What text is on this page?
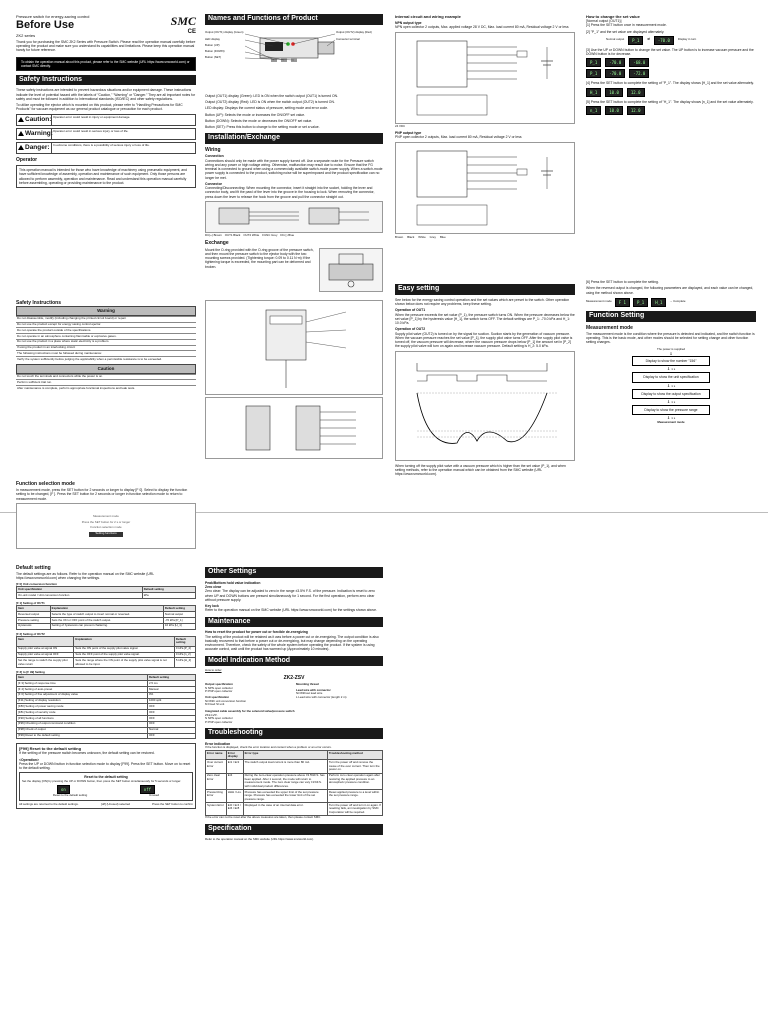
Pressure switch for energy-saving control
Before Use
ZK2 series
SMC
CE
Thank you for purchasing the SMC ZK2 Series with Pressure Switch. Please read the operation manual carefully before operating the product and make sure you understand its capabilities and limitations. Please keep this operation manual handy for future reference.
To obtain the operation manual about this product, please refer to the SMC website (URL https://www.smcworld.com) or contact SMC directly.
Safety Instructions
These safety instructions are intended to prevent hazardous situations and/or equipment damage. These instructions indicate the level of potential hazard with the labels of "Caution," "Warning" or "Danger." They are all important notes for safety and must be followed in addition to International standards (ISO/IEC) and other safety regulations.
To utilize operating the ejector which is mounted on this product, please refer to "Handling Precautions for SMC Products" for vacuum equipment as our general product catalogue or precaution for each product.
Caution: Operator error could result in injury or equipment damage.
Warning: Operator error could result in serious injury or loss of life.
Danger:	In extreme conditions, there is a possibility of serious injury or loss of life.
Operator
This operation manual is intended for those who have knowledge of machinery using pneumatic equipment, and have sufficient knowledge of assembly, operation and maintenance of such equipment. Only those persons are allowed to perform assembly, operation and maintenance. Read and understand this operation manual carefully before assembling, operating or providing maintenance to the product.
Names and Functions of Product
Output (OUT1) display (Green)	Output (OUT2) display (Red)
Connector terminal
LED display
Button (UP)
Button (DOWN)
Button (SET)
Output (OUT1) display (Green): LED is ON when the switch output (OUT1) is turned ON.
Output (OUT2) display (Red): LED is ON when the switch output (OUT2) is turned ON.
LED display: Displays the current status of pressure, setting mode and error code.
Button (UP): Selects the mode or increases the ON/OFF set value.
Button (DOWN): Selects the mode or decreases the ON/OFF set value.
Button (SET): Press this button to change to the setting mode or set a value.
Installation/Exchange
Wiring
Connection
Connections should only be made with the power supply turned off. Use a separate route for the Pressure switch wiring and any power or high voltage wiring. Otherwise, malfunction may result due to noise. Ensure that the FG terminal is connected to ground when using a commercially available switch-mode power supply. When a switch-mode power supply is connected to the product, switching noise will be superimposed and the product specification can no longer be met.
Connector
Connecting/Disconnecting: When mounting the connector, insert it straight into the socket, holding the lever and connector body, and fit the pawl of the lever into the groove in the housing to lock. When removing the connector, press down the lever to release the hook from the groove and pull the connector straight out.
DC(+) Brown OUT1 Black OUT2 White FUNC Grey DC(-) Blue
Exchange
Mount the O-ring provided with the O-ring groove of the pressure switch, and then mount the pressure switch to the ejector body with the two mounting screws provided. (Tightening torque: 0.09 to 0.11 N·m) If the tightening torque is exceeded, the mounting part can be deformed and broken.
Internal circuit and wiring example
NPN output type
NPN open collector 2 outputs, Max. applied voltage 28 V DC, Max. load current 80 mA, Residual voltage 2 V or less
24 VDC
PNP output type
PNP open collector 2 outputs, Max. load current 80 mA, Residual voltage 2 V or less
Brown Black White Grey Blue
How to change the set value
[Normal output (OUT1)]
[1] Press the SET button once in measurement mode.
[2] "P_1" and the set value are displayed alternately.
Normal output	P_1	⇄	-70.0	Display in turn
[3] Use the UP or DOWN button to change the set value. The UP button is to increase vacuum pressure and the DOWN button is for decrease.
P_1	-70.0	-68.0
P_1	-70.0	-72.0
[4] Press the SET button to complete the setting of "P_1". The display shows [H_1] and the set value alternately.
H_1	10.0	12.0
[5] Press the SET button to complete the setting of "H_1". The display shows [n_1] and the set value alternately.
n_1	10.0	12.0
Safety Instructions
Warning
Do not disassemble, modify (including changing the printed circuit board) or repair.
Do not use the product except for energy saving control ejector.
Do not operate the product outside of the specifications.
Do not operate in an atmosphere containing flammable or explosive gases.
Do not use the product in a place where static electricity is a problem.
If using the product in an interlocking circuit:
The following instructions must be followed during maintenance:
Verify the system sufficiently before judging the applicability when a permissible resistance is to be exceeded.
Caution
Do not touch the terminals and connectors while the power is on.
Perform sufficient trial run.
After maintenance is complete, perform appropriate functional inspections and leak tests.
Function selection mode
In measurement mode, press the SET button for 2 seconds or longer to display [F 0]. Select to display the function setting to be changed, [F ]. Press the SET button for 2 seconds or longer in function selection mode to return to measurement mode.
Measurement mode
Press the SET button for 2 s or longer
Function selection mode
Setting functions
Default setting
The default settings are as follows. Refer to the operation manual on the SMC website (URL https://www.smcworld.com) when changing the settings.
[F 0] Unit conversion function
Unit specification	Default setting
On-unit model / Unit conversion function	kPa
[F 1] Setting of OUT1
Item	Explanation	Default setting
Reversed output	Selects the type of switch output to invert normal or reversed.	Normal output
Pressure setting	Sets the ON or OFF point of the switch output.	-70 kPa [P_1]
Hysteresis	Setting of hysteresis can prevent chattering.	10 kPa [H_1]
[F 2] Setting of OUT2
Item	Explanation	Default setting
Supply pilot valve at signal ON	Sets the ON point of the supply pilot valve signal.	0 kPa [P_2]
Supply pilot valve at signal OFF	Sets the OFF point of the supply pilot valve signal.	0 kPa [n_2]
Set the range to switch the supply pilot valve return	Sets the range where the ON point of the supply pilot valve signal is not allowed to be input.	5 kPa [H_2]
[F 3] to [F 99] Setting
Item	Default setting
[F 3] Setting of response time	2.5 ms
[F 4] Setting of auto-preset	Manual
[F 6] Setting of fine adjustment of display value	0%
[F11] Setting of display resolution	1000 split
[F80] Setting of power saving mode	OFF
[F81] Setting of security code	OFF
[F90] Setting of all functions	OFF
[F96] Checking of output command condition	OFF
[F98] Check of output	Normal
[F99] Reset to the default setting	OFF
[F99] Reset to the default setting
If the setting of the pressure switch becomes unknown, the default setting can be restored.
<Operation>
Press the UP or DOWN button in function selection mode to display [F99]. Press the SET button. Move on to reset to the default setting.
Reset to the default setting
Set the display [ON] by pressing the UP or DOWN button, then press the SET button simultaneously for 5 seconds or longer.
on	off
Reset to the default setting	Unused
All settings are returned to the default settings.	[off] (Unused) selected	Press the SET button to confirm
Other Settings
Peak/Bottom hold value indication
Zero clear
Zero clear: The display can be adjusted to zero in the range ±3.5% F.S. of the pressure. Indication is reset to zero when UP and DOWN buttons are pressed simultaneously for 1 second. For the first operation, perform zero clear without pressure supply.
Key lock
Refer to the operation manual on the SMC website (URL https://www.smcworld.com) for the settings shown above.
Maintenance
How to reset the product for power cut or forcible de-energizing
The setting of the product will be retained as it was before a power cut or de-energizing. The output condition is also basically recovered to that before a power cut or de-energizing, but may change depending on the operating environment. Therefore, check the safety of the whole system before operating the product. If the system is using accurate control, wait until the product has warmed up (Approximately 10 minutes).
Model Indication Method
How to order
ZK2-ZSV
Output specification
N NPN open collector
P PNP open collector
Unit specification
Nil With unit conversion function
M Fixed SI unit
Mounting thread
Lead wire with connector
Nil Without lead wire
L Lead wire with connector (length 2 m)
Integrated cable assembly for the solenoid valve/pressure switch
ZK2-LVP-
N NPN open collector
P PNP open collector
Troubleshooting
Error indication
If the function is displayed, check the error location and content when a problem or an error occurs.
Error name	Error display	Error type	Troubleshooting method
Over current Error	Er1 / Er2	The switch output load current is more than 80 mA.	Turn the power off and remove the cause of the over current. Then turn the power on.
Zero clear Error	Er4	During the zero-clear operation pressure above ±3.5%F.S. has been applied. After 1 second, the mode will return to measurement mode. The zero clear range can vary ±1%F.S. with individual product differences.	Perform zero clear operation again after restoring the applied pressure to an atmospheric pressure condition.
Pressurizing Error	HHH / LLL	Pressure has exceeded the upper limit of the set pressure range. Pressure has exceeded the lower limit of the set pressure range.	Reset applied pressure to a level within the set pressure range.
System Error	Er0 / Er4 / Er6 / Er8	Displayed in the case of an internal data error.	Turn the power off and turn it on again. If resetting fails, an investigation by SMC Corporation will be required.
If the error can not be reset after the above measures are taken, then please contact SMC.
Specification
Refer to the operation manual on the SMC website (URL https://www.smcworld.com).
Easy setting
See below for the energy saving control operation and the set values which are preset to the switch. Other operation shown below does not require any problems, keep these setting.
Operation of OUT1
When the pressure exceeds the set value (P_1), the pressure switch turns ON. When the pressure decreases below the set value [P_1] by the hysteresis value [H_1], the switch turns OFF. The default settings are P_1: -70.0 kPa and H_1: 10.0 kPa.
Operation of OUT2
Supply pilot valve (OUT2) is turned on by the signal for suction. Suction starts by the generation of vacuum pressure. When the vacuum pressure reaches the set value [P_1], the supply pilot valve turns OFF. After the supply pilot valve is turned off, the vacuum pressure will decrease, where the vacuum pressure drops below [P_1] the amount set in [P_2] the supply pilot valve will turn on again and increase vacuum pressure. Default setting is H_2: 5.0 kPa.
When turning off the supply pilot valve with a vacuum pressure which is higher than the set value (P_1), and when setting methods, refer to the operation manual which can be obtained from the SMC website (URL https://www.smcworld.com).
[6] Press the SET button to complete the setting.
When the reversed output is changed, the following parameters are displayed, and each value can be changed, using the method shown above.
Measurement mode	F 1	P_1	H_1	→ Complete
Function Setting
Measurement mode
The measurement mode is the condition where the pressure is detected and indicated, and the switch function is operating. This is the basic mode, and other modes should be selected for setting change and other function setting changes.
The power is supplied
⇓
Display to show the number "156"
⇓ 1 s
Display to show the unit specification
⇓ 1 s
Display to show the output specification
⇓ 1 s
Display to show the pressure range
⇓ 1 s
Measurement mode
